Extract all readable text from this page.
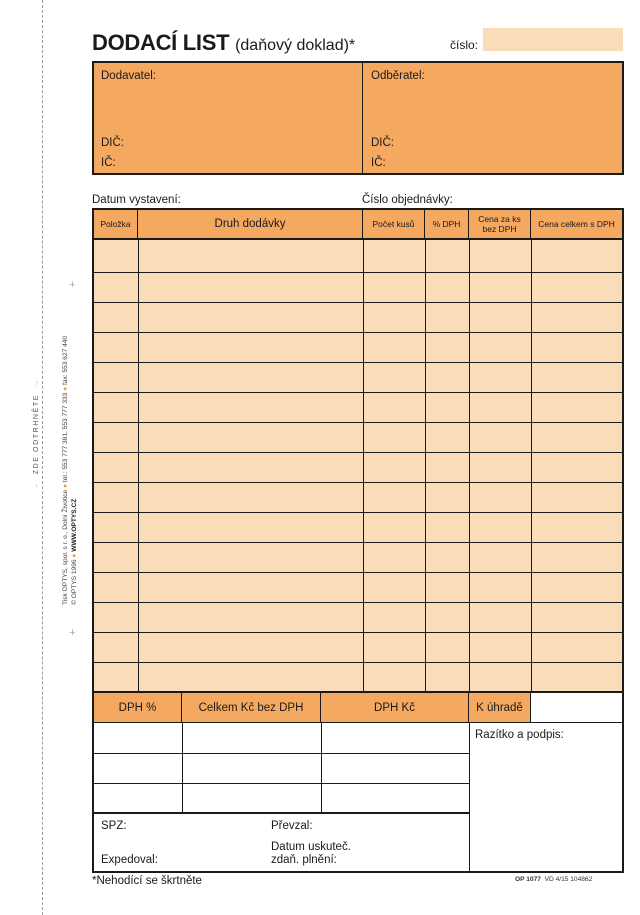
+
+
→  ZDE ODTRHNĚTE  →
Tisk OPTYS, spol. s r. o., Dolní Životice ● tel.: 553 777 381, 553 777 333 ● fax: 553 627 440
© OPTYS 1996 ● WWW.OPTYS.CZ
DODACÍ LIST (daňový doklad)*	číslo:
Dodavatel:
DIČ:
IČ:
Odběratel:
DIČ:
IČ:
Datum vystavení:	Číslo objednávky:
Položka	Druh dodávky	Počet kusů	% DPH	Cena za ks bez DPH	Cena celkem s DPH
DPH %	Celkem Kč bez DPH	DPH Kč	K úhradě
Razítko a podpis:
SPZ:	Převzal:
Datum uskuteč.
zdaň. plnění:
Expedoval:
*Nehodící se škrtněte	OP 1077 VD 4/15 104862
